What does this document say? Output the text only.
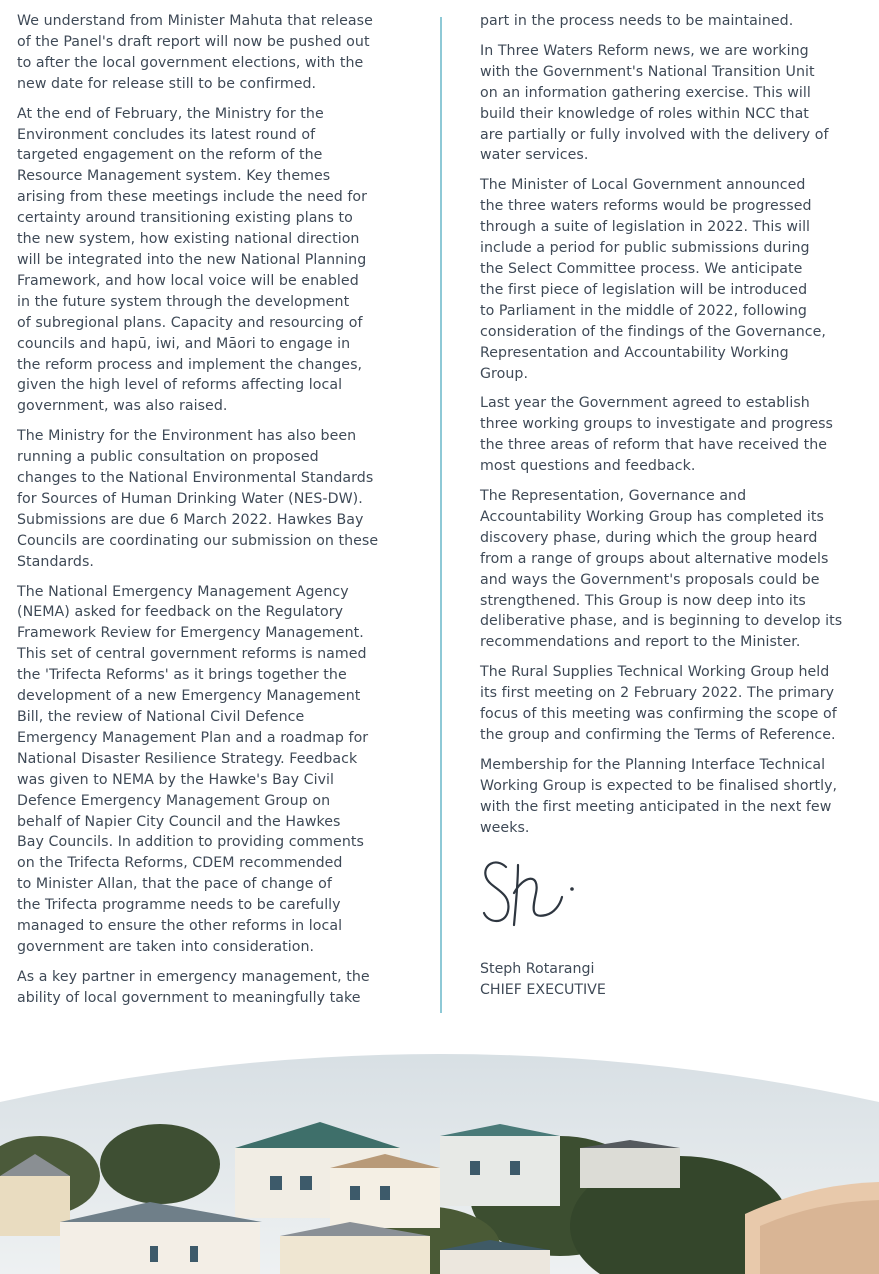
We understand from Minister Mahuta that release
of the Panel's draft report will now be pushed out
to after the local government elections, with the
new date for release still to be confirmed.

At the end of February, the Ministry for the
Environment concludes its latest round of
targeted engagement on the reform of the
Resource Management system. Key themes
arising from these meetings include the need for
certainty around transitioning existing plans to
the new system, how existing national direction
will be integrated into the new National Planning
Framework, and how local voice will be enabled
in the future system through the development
of subregional plans. Capacity and resourcing of
councils and hapū, iwi, and Māori to engage in
the reform process and implement the changes,
given the high level of reforms affecting local
government, was also raised.

The Ministry for the Environment has also been
running a public consultation on proposed
changes to the National Environmental Standards
for Sources of Human Drinking Water (NES-DW).
Submissions are due 6 March 2022. Hawkes Bay
Councils are coordinating our submission on these
Standards.

The National Emergency Management Agency
(NEMA) asked for feedback on the Regulatory
Framework Review for Emergency Management.
This set of central government reforms is named
the 'Trifecta Reforms' as it brings together the
development of a new Emergency Management
Bill, the review of National Civil Defence
Emergency Management Plan and a roadmap for
National Disaster Resilience Strategy. Feedback
was given to NEMA by the Hawke's Bay Civil
Defence Emergency Management Group on
behalf of Napier City Council and the Hawkes
Bay Councils. In addition to providing comments
on the Trifecta Reforms, CDEM recommended
to Minister Allan, that the pace of change of
the Trifecta programme needs to be carefully
managed to ensure the other reforms in local
government are taken into consideration.

As a key partner in emergency management, the
ability of local government to meaningfully take

part in the process needs to be maintained.

In Three Waters Reform news, we are working
with the Government's National Transition Unit
on an information gathering exercise. This will
build their knowledge of roles within NCC that
are partially or fully involved with the delivery of
water services.

The Minister of Local Government announced
the three waters reforms would be progressed
through a suite of legislation in 2022. This will
include a period for public submissions during
the Select Committee process. We anticipate
the first piece of legislation will be introduced
to Parliament in the middle of 2022, following
consideration of the findings of the Governance,
Representation and Accountability Working
Group.

Last year the Government agreed to establish
three working groups to investigate and progress
the three areas of reform that have received the
most questions and feedback.

The Representation, Governance and
Accountability Working Group has completed its
discovery phase, during which the group heard
from a range of groups about alternative models
and ways the Government's proposals could be
strengthened. This Group is now deep into its
deliberative phase, and is beginning to develop its
recommendations and report to the Minister.

The Rural Supplies Technical Working Group held
its first meeting on 2 February 2022. The primary
focus of this meeting was confirming the scope of
the group and confirming the Terms of Reference.

Membership for the Planning Interface Technical
Working Group is expected to be finalised shortly,
with the first meeting anticipated in the next few
weeks.

Steph Rotarangi
CHIEF EXECUTIVE
